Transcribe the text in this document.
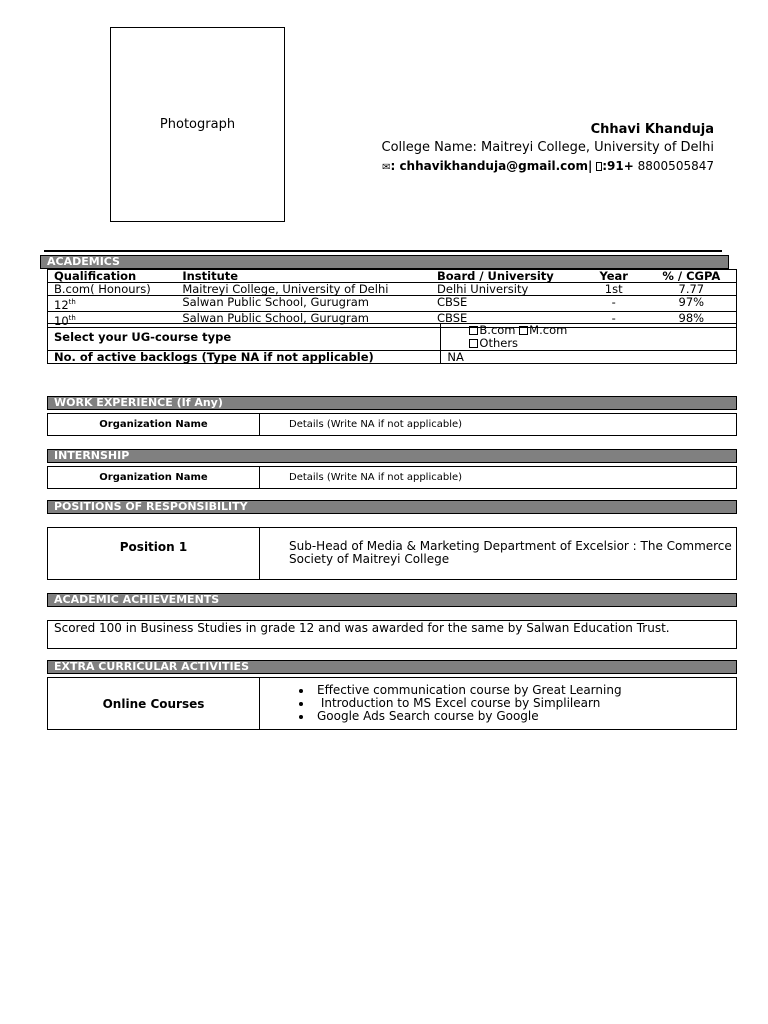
Photograph	Chhavi Khanduja
College Name: Maitreyi College, University of Delhi
✉: chhavikhanduja@gmail.com| :91+ 8800505847
ACADEMICS
Qualification	Institute	Board / University	Year	% / CGPA
B.com( Honours)	Maitreyi College, University of Delhi	Delhi University	1st	7.77
12th	Salwan Public School, Gurugram	CBSE	-	97%
10th	Salwan Public School, Gurugram	CBSE	-	98%
Select your UG-course type	B.com M.com
Others
No. of active backlogs (Type NA if not applicable)	NA
WORK EXPERIENCE (If Any)
Organization Name	Details (Write NA if not applicable)
INTERNSHIP
Organization Name	Details (Write NA if not applicable)
POSITIONS OF RESPONSIBILITY
Position 1	Sub-Head of Media & Marketing Department of Excelsior : The Commerce Society of Maitreyi College
ACADEMIC ACHIEVEMENTS
Scored 100 in Business Studies in grade 12 and was awarded for the same by Salwan Education Trust.
EXTRA CURRICULAR ACTIVITIES
Online Courses	
• Effective communication course by Great Learning
•  Introduction to MS Excel course by Simplilearn
• Google Ads Search course by Google
